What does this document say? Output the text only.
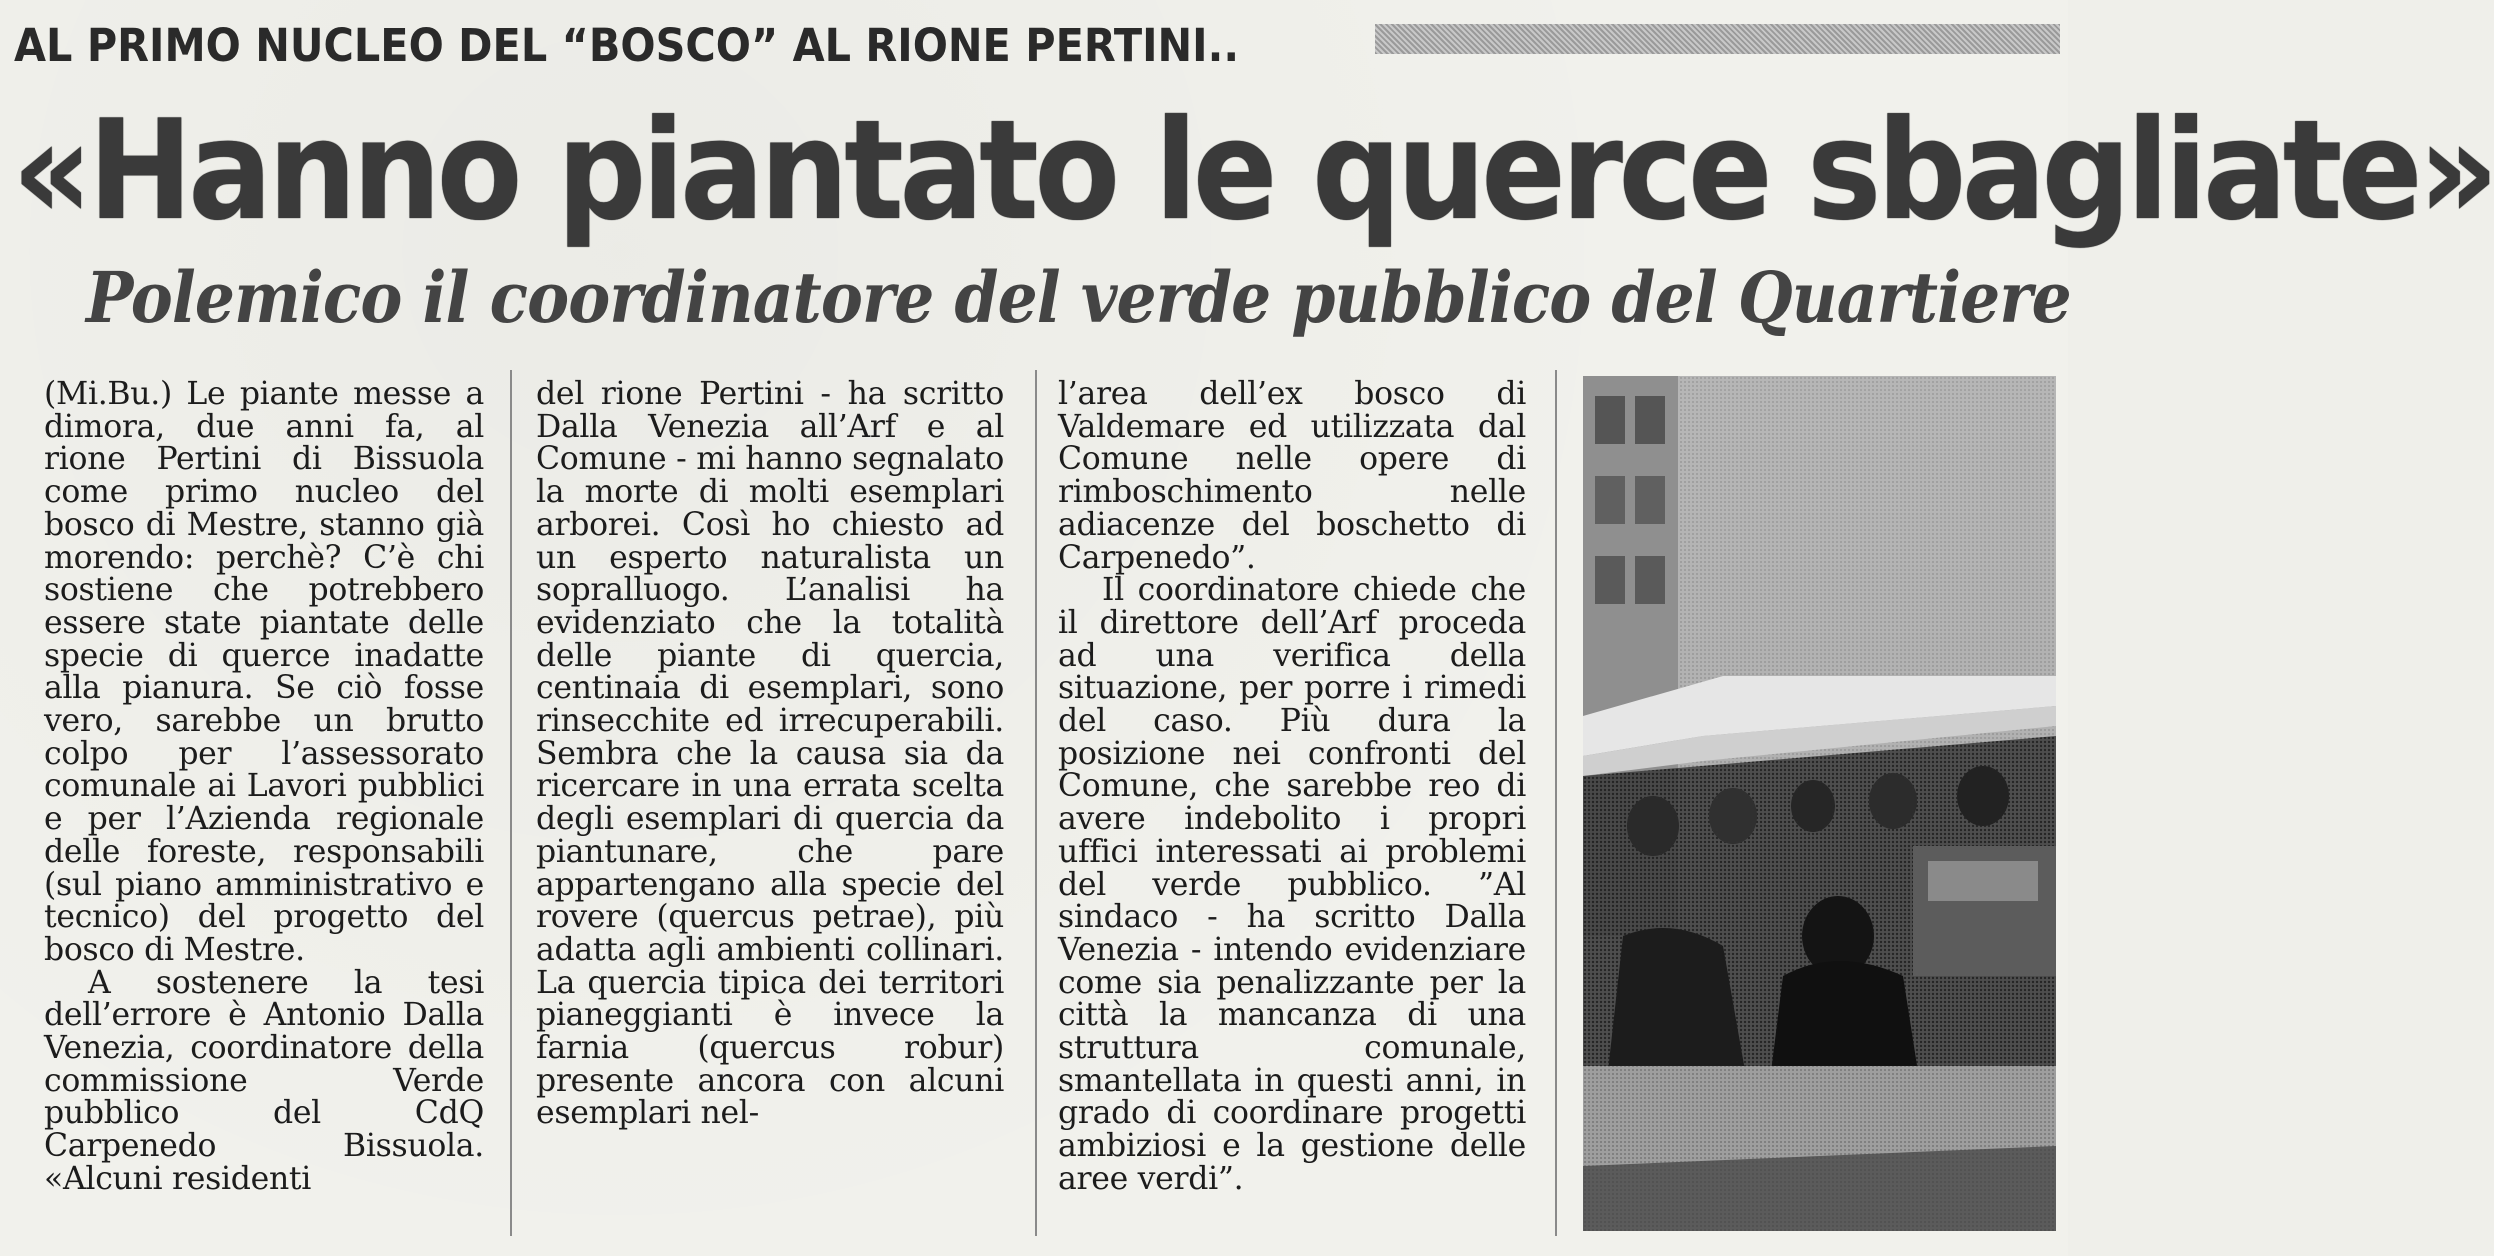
AL PRIMO NUCLEO DEL “BOSCO” AL RIONE PERTINI..
«Hanno piantato le querce sbagliate»
Polemico il coordinatore del verde pubblico del Quartiere

(Mi.Bu.) Le piante messe a dimora, due anni fa, al rione Pertini di Bissuola come primo nucleo del bosco di Mestre, stanno già morendo: perchè? C’è chi sostiene che potrebbero essere state piantate delle specie di querce inadatte alla pianura. Se ciò fosse vero, sarebbe un brutto colpo per l’assessorato comunale ai Lavori pubblici e per l’Azienda regionale delle foreste, responsabili (sul piano amministrativo e tecnico) del progetto del bosco di Mestre.

A sostenere la tesi dell’errore è Antonio Dalla Venezia, coordinatore della commissione Verde pubblico del CdQ Carpenedo Bissuola. «Alcuni residenti

del rione Pertini - ha scritto Dalla Venezia all’Arf e al Comune - mi hanno segnalato la morte di molti esemplari arborei. Così ho chiesto ad un esperto naturalista un sopralluogo. L’analisi ha evidenziato che la totalità delle piante di quercia, centinaia di esemplari, sono rinsecchite ed irrecuperabili. Sembra che la causa sia da ricercare in una errata scelta degli esemplari di quercia da piantunare, che pare appartengano alla specie del rovere (quercus petrae), più adatta agli ambienti collinari. La quercia tipica dei territori pianeggianti è invece la farnia (quercus robur) presente ancora con alcuni esemplari nel-

l’area dell’ex bosco di Valdemare ed utilizzata dal Comune nelle opere di rimboschimento nelle adiacenze del boschetto di Carpenedo”.

Il coordinatore chiede che il direttore dell’Arf proceda ad una verifica della situazione, per porre i rimedi del caso. Più dura la posizione nei confronti del Comune, che sarebbe reo di avere indebolito i propri uffici interessati ai problemi del verde pubblico. ”Al sindaco - ha scritto Dalla Venezia - intendo evidenziare come sia penalizzante per la città la mancanza di una struttura comunale, smantellata in questi anni, in grado di coordinare progetti ambiziosi e la gestione delle aree verdi”.
